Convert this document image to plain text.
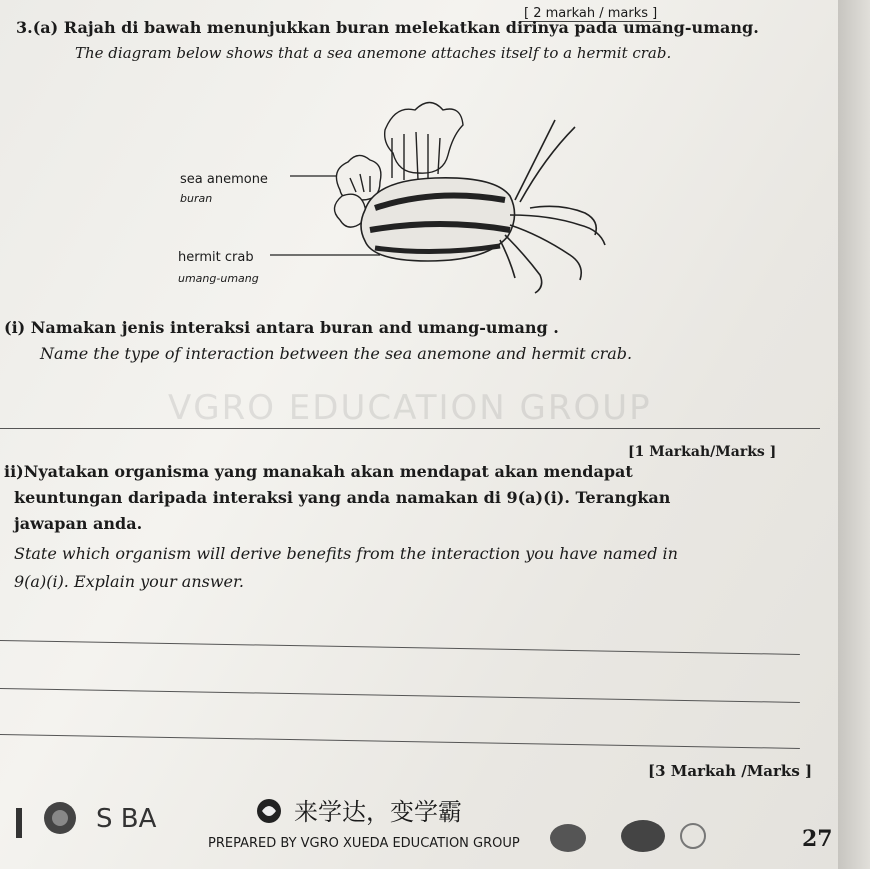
VGRO EDUCATION GROUP
[ 2 markah / marks ]
3.(a) Rajah di bawah menunjukkan buran melekatkan dirinya pada umang-umang.
The diagram below shows that a sea anemone attaches itself to a hermit crab.
sea anemone
buran
hermit crab
umang-umang
(i) Namakan jenis interaksi antara buran and umang-umang .
Name the type of interaction between the sea anemone and hermit crab.
[1 Markah/Marks ]
ii)Nyatakan organisma yang manakah akan mendapat akan mendapat
keuntungan daripada interaksi yang anda namakan di 9(a)(i). Terangkan
jawapan anda.
State which organism will derive benefits from the interaction you have named in
9(a)(i). Explain your answer.
[3 Markah /Marks ]
S BA	来学达，变学霸
PREPARED BY VGRO XUEDA EDUCATION GROUP	27
